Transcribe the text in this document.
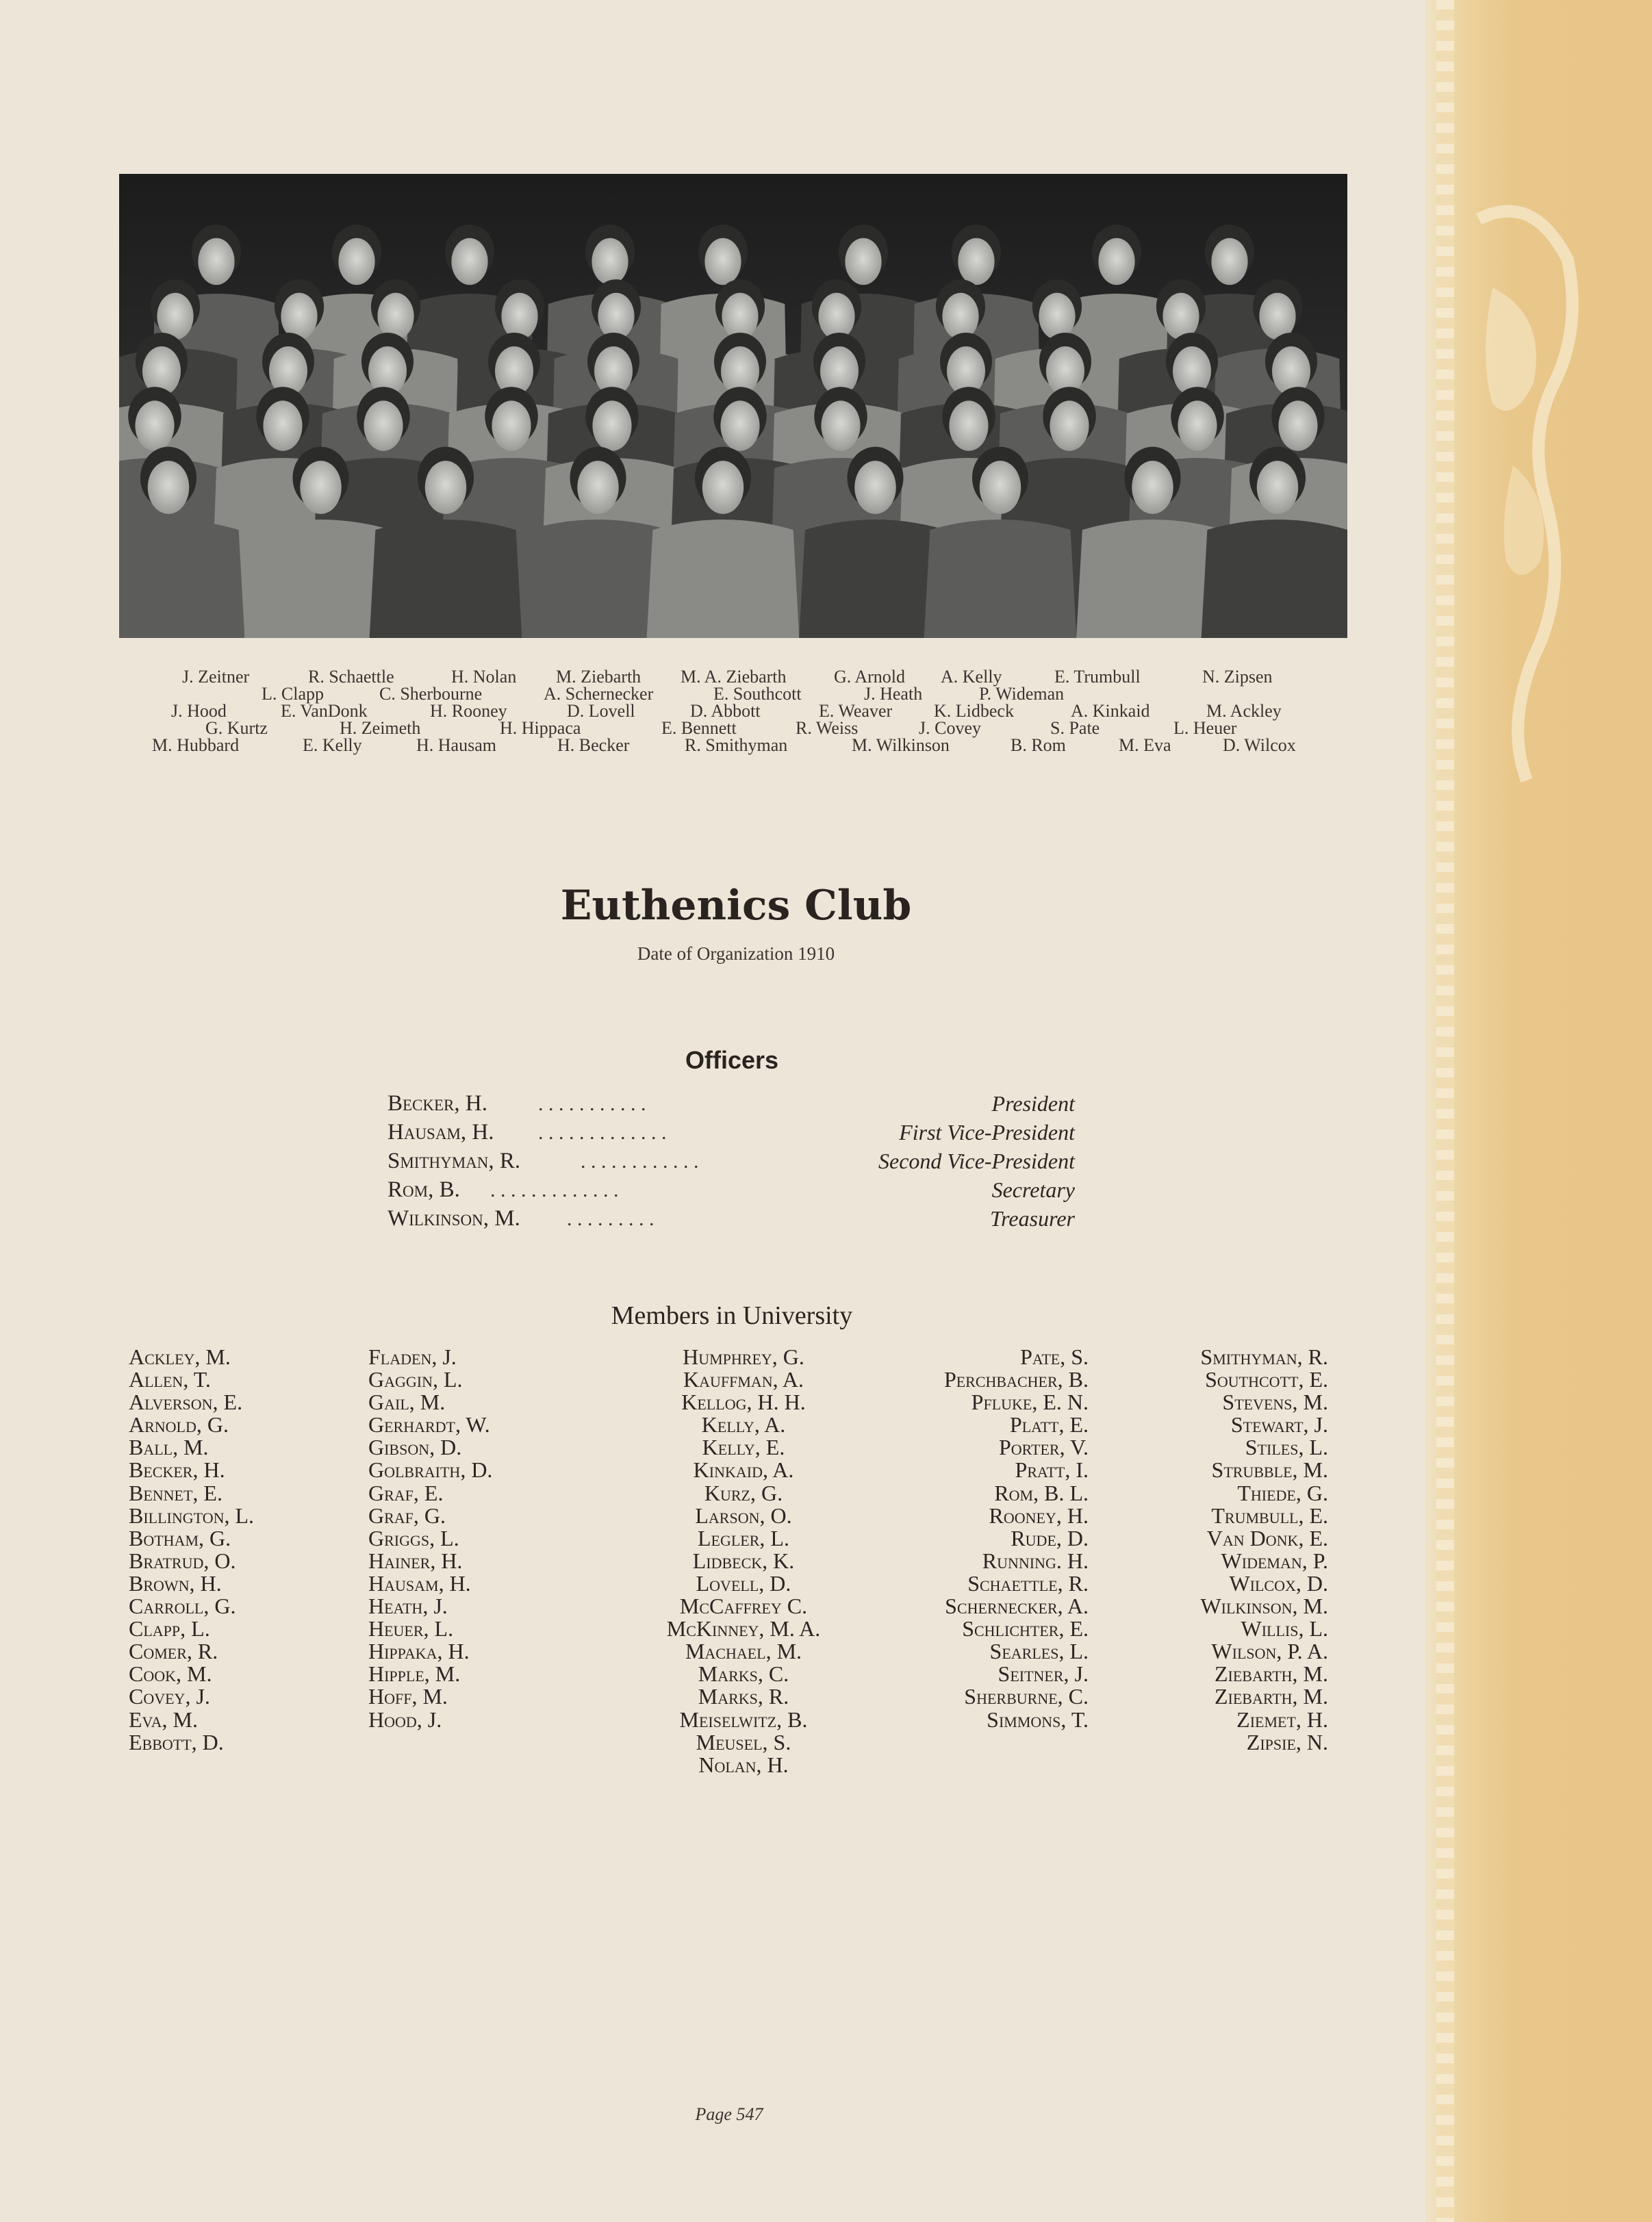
J. Zeitner	R. Schaettle	H. Nolan M. Ziebarth M. A. Ziebarth	G. Arnold A. Kelly	E. Trumbull	N. Zipsen
L. Clapp	C. Sherbourne	A. Schernecker	E. Southcott	J. Heath	P. Wideman
J. Hood	E. VanDonk	H. Rooney	D. Lovell	D. Abbott	E. Weaver K. Lidbeck	A. Kinkaid	M. Ackley
G. Kurtz	H. Zeimeth	H. Hippaca	E. Bennett	R. Weiss	J. Covey	S. Pate	L. Heuer
M. Hubbard	E. Kelly	H. Hausam	H. Becker	R. Smithyman	M. Wilkinson	B. Rom	M. Eva	D. Wilcox
Euthenics Club
Date of Organization 1910
Officers
Becker, H. . . . . . . . . . . .	President
Hausam, H. . . . . . . . . . . . . .	First Vice-President
Smithyman, R.	. . . . . . . . . . . .	Second Vice-President
Rom, B. . . . . . . . . . . . . .	Secretary
Wilkinson, M. . . . . . . . . .	Treasurer
Members in University
Ackley, M.
Allen, T.
Alverson, E.
Arnold, G.
Ball, M.
Becker, H.
Bennet, E.
Billington, L.
Botham, G.
Bratrud, O.
Brown, H.
Carroll, G.
Clapp, L.
Comer, R.
Cook, M.
Covey, J.
Eva, M.
Ebbott, D.
Fladen, J.
Gaggin, L.
Gail, M.
Gerhardt, W.
Gibson, D.
Golbraith, D.
Graf, E.
Graf, G.
Griggs, L.
Hainer, H.
Hausam, H.
Heath, J.
Heuer, L.
Hippaka, H.
Hipple, M.
Hoff, M.
Hood, J.
Humphrey, G.
Kauffman, A.
Kellog, H. H.
Kelly, A.
Kelly, E.
Kinkaid, A.
Kurz, G.
Larson, O.
Legler, L.
Lidbeck, K.
Lovell, D.
McCaffrey C.
McKinney, M. A.
Machael, M.
Marks, C.
Marks, R.
Meiselwitz, B.
Meusel, S.
Nolan, H.
Pate, S.
Perchbacher, B.
Pfluke, E. N.
Platt, E.
Porter, V.
Pratt, I.
Rom, B. L.
Rooney, H.
Rude, D.
Running. H.
Schaettle, R.
Schernecker, A.
Schlichter, E.
Searles, L.
Seitner, J.
Sherburne, C.
Simmons, T.
Smithyman, R.
Southcott, E.
Stevens, M.
Stewart, J.
Stiles, L.
Strubble, M.
Thiede, G.
Trumbull, E.
Van Donk, E.
Wideman, P.
Wilcox, D.
Wilkinson, M.
Willis, L.
Wilson, P. A.
Ziebarth, M.
Ziebarth, M.
Ziemet, H.
Zipsie, N.
Page 547
